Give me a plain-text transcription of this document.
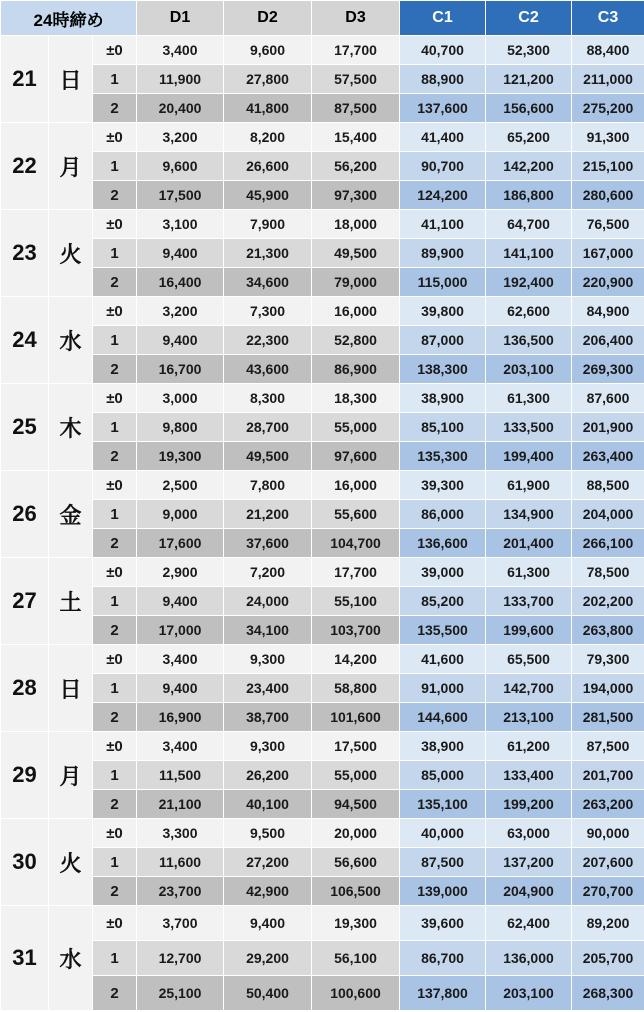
24時締め			D1	D2	D3	C1	C2	C3
21	日	±0	3,400	9,600	17,700	40,700	52,300	88,400
		1	11,900	27,800	57,500	88,900	121,200	211,000
		2	20,400	41,800	87,500	137,600	156,600	275,200
22	月	±0	3,200	8,200	15,400	41,400	65,200	91,300
		1	9,600	26,600	56,200	90,700	142,200	215,100
		2	17,500	45,900	97,300	124,200	186,800	280,600
23	火	±0	3,100	7,900	18,000	41,100	64,700	76,500
		1	9,400	21,300	49,500	89,900	141,100	167,000
		2	16,400	34,600	79,000	115,000	192,400	220,900
24	水	±0	3,200	7,300	16,000	39,800	62,600	84,900
		1	9,400	22,300	52,800	87,000	136,500	206,400
		2	16,700	43,600	86,900	138,300	203,100	269,300
25	木	±0	3,000	8,300	18,300	38,900	61,300	87,600
		1	9,800	28,700	55,000	85,100	133,500	201,900
		2	19,300	49,500	97,600	135,300	199,400	263,400
26	金	±0	2,500	7,800	16,000	39,300	61,900	88,500
		1	9,000	21,200	55,600	86,000	134,900	204,000
		2	17,600	37,600	104,700	136,600	201,400	266,100
27	土	±0	2,900	7,200	17,700	39,000	61,300	78,500
		1	9,400	24,000	55,100	85,200	133,700	202,200
		2	17,000	34,100	103,700	135,500	199,600	263,800
28	日	±0	3,400	9,300	14,200	41,600	65,500	79,300
		1	9,400	23,400	58,800	91,000	142,700	194,000
		2	16,900	38,700	101,600	144,600	213,100	281,500
29	月	±0	3,400	9,300	17,500	38,900	61,200	87,500
		1	11,500	26,200	55,000	85,000	133,400	201,700
		2	21,100	40,100	94,500	135,100	199,200	263,200
30	火	±0	3,300	9,500	20,000	40,000	63,000	90,000
		1	11,600	27,200	56,600	87,500	137,200	207,600
		2	23,700	42,900	106,500	139,000	204,900	270,700
31	水	±0	3,700	9,400	19,300	39,600	62,400	89,200
		1	12,700	29,200	56,100	86,700	136,000	205,700
		2	25,100	50,400	100,600	137,800	203,100	268,300
